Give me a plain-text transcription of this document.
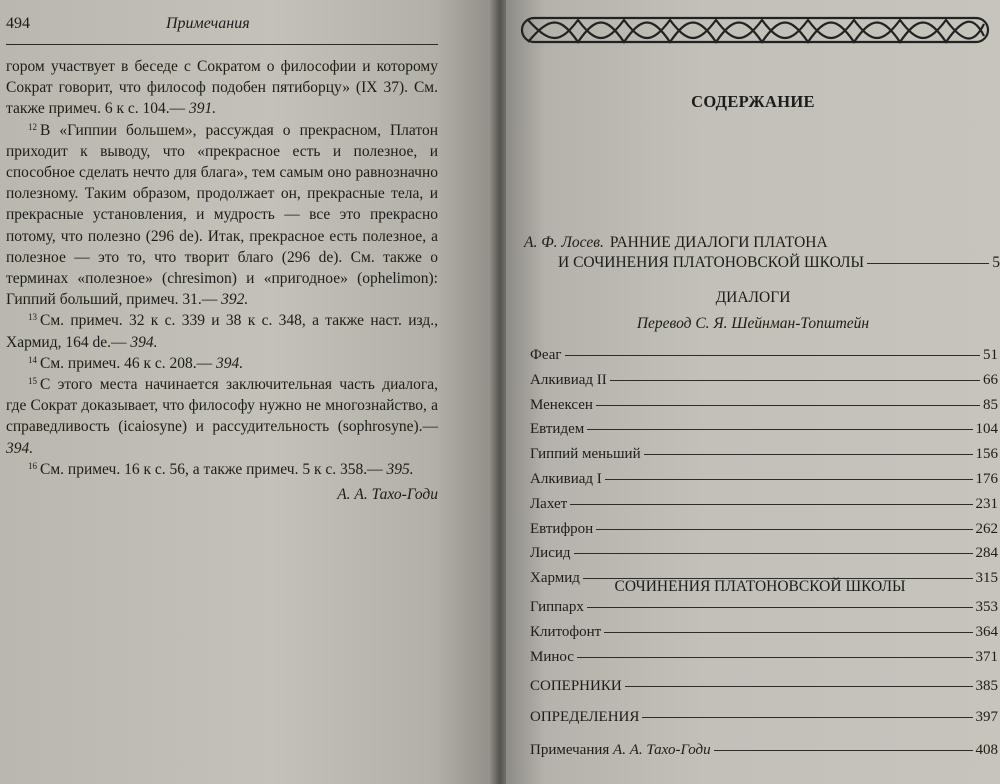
494	Примечания

гором участвует в беседе с Сократом о философии и которому Сократ говорит, что философ подобен пятиборцу» (IX 37). См. также примеч. 6 к с. 104.— 391.

$^{12}$ В «Гиппии большем», рассуждая о прекрасном, Платон приходит к выводу, что «прекрасное есть и полезное, и способное сделать нечто для блага», тем самым оно равнозначно полезному. Таким образом, продолжает он, прекрасные тела, и прекрасные установления, и мудрость — все это прекрасно потому, что полезно (296 de). Итак, прекрасное есть полезное, а полезное — это то, что творит благо (296 de). См. также о терминах «полезное» (chresimon) и «пригодное» (ophelimon): Гиппий больший, примеч. 31.— 392.

$^{13}$ См. примеч. 32 к с. 339 и 38 к с. 348, а также наст. изд., Хармид, 164 de.— 394.

$^{14}$ См. примеч. 46 к с. 208.— 394.

$^{15}$ С этого места начинается заключительная часть диалога, где Сократ доказывает, что философу нужно не многознайство, а справедливость (icaiosyne) и рассудительность (sophrosyne).— 394.

$^{16}$ См. примеч. 16 к с. 56, а также примеч. 5 к с. 358.— 395.

А. А. Тахо-Годи

СОДЕРЖАНИЕ
А. Ф. Лосев. РАННИЕ ДИАЛОГИ ПЛАТОНА
И СОЧИНЕНИЯ ПЛАТОНОВСКОЙ ШКОЛЫ	5
ДИАЛОГИ
Перевод С. Я. Шейнман-Топштейн
Феаг	51
Алкивиад II	66
Менексен	85
Евтидем	104
Гиппий меньший	156
Алкивиад I	176
Лахет	231
Евтифрон	262
Лисид	284
Хармид	315
СОЧИНЕНИЯ ПЛАТОНОВСКОЙ ШКОЛЫ
Гиппарх	353
Клитофонт	364
Минос	371
СОПЕРНИКИ	385
ОПРЕДЕЛЕНИЯ	397
Примечания
А. А. Тахо-Годи	408
